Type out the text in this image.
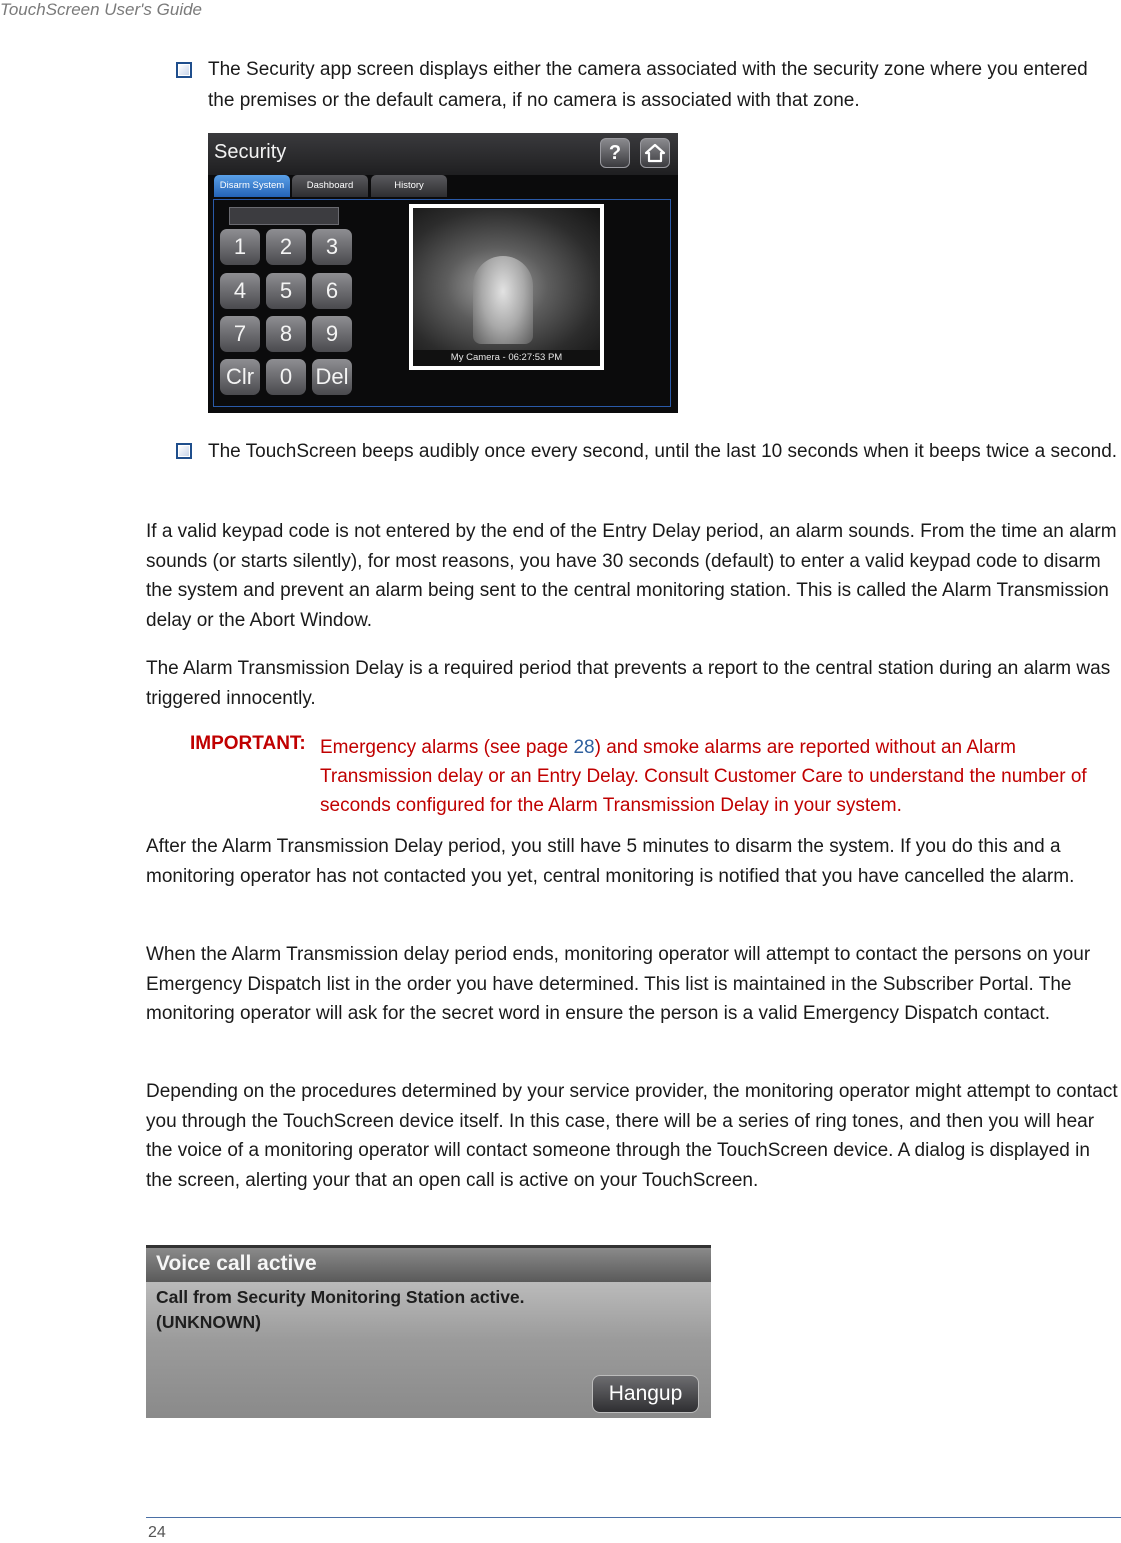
TouchScreen User's Guide
The Security app screen displays either the camera associated with the security zone where you entered the premises or the default camera, if no camera is associated with that zone.
Security	?
Disarm System	Dashboard	History
1	2	3
4	5	6
7	8	9
Clr	0	Del
My Camera - 06:27:53 PM
The TouchScreen beeps audibly once every second, until the last 10 seconds when it beeps twice a second.
If a valid keypad code is not entered by the end of the Entry Delay period, an alarm sounds. From the time an alarm sounds (or starts silently), for most reasons, you have 30 seconds (default) to enter a valid keypad code to disarm the system and prevent an alarm being sent to the central monitoring station. This is called the Alarm Transmission delay or the Abort Window.
The Alarm Transmission Delay is a required period that prevents a report to the central station during an alarm was triggered innocently.
IMPORTANT: Emergency alarms (see page 28) and smoke alarms are reported without an Alarm Transmission delay or an Entry Delay. Consult Customer Care to understand the number of seconds configured for the Alarm Transmission Delay in your system.
After the Alarm Transmission Delay period, you still have 5 minutes to disarm the system. If you do this and a monitoring operator has not contacted you yet, central monitoring is notified that you have cancelled the alarm.
When the Alarm Transmission delay period ends, monitoring operator will attempt to contact the persons on your Emergency Dispatch list in the order you have determined. This list is maintained in the Subscriber Portal. The monitoring operator will ask for the secret word in ensure the person is a valid Emergency Dispatch contact.
Depending on the procedures determined by your service provider, the monitoring operator might attempt to contact you through the TouchScreen device itself. In this case, there will be a series of ring tones, and then you will hear the voice of a monitoring operator will contact someone through the TouchScreen device. A dialog is displayed in the screen, alerting your that an open call is active on your TouchScreen.
Voice call active
Call from Security Monitoring Station active.
(UNKNOWN)
Hangup
24
